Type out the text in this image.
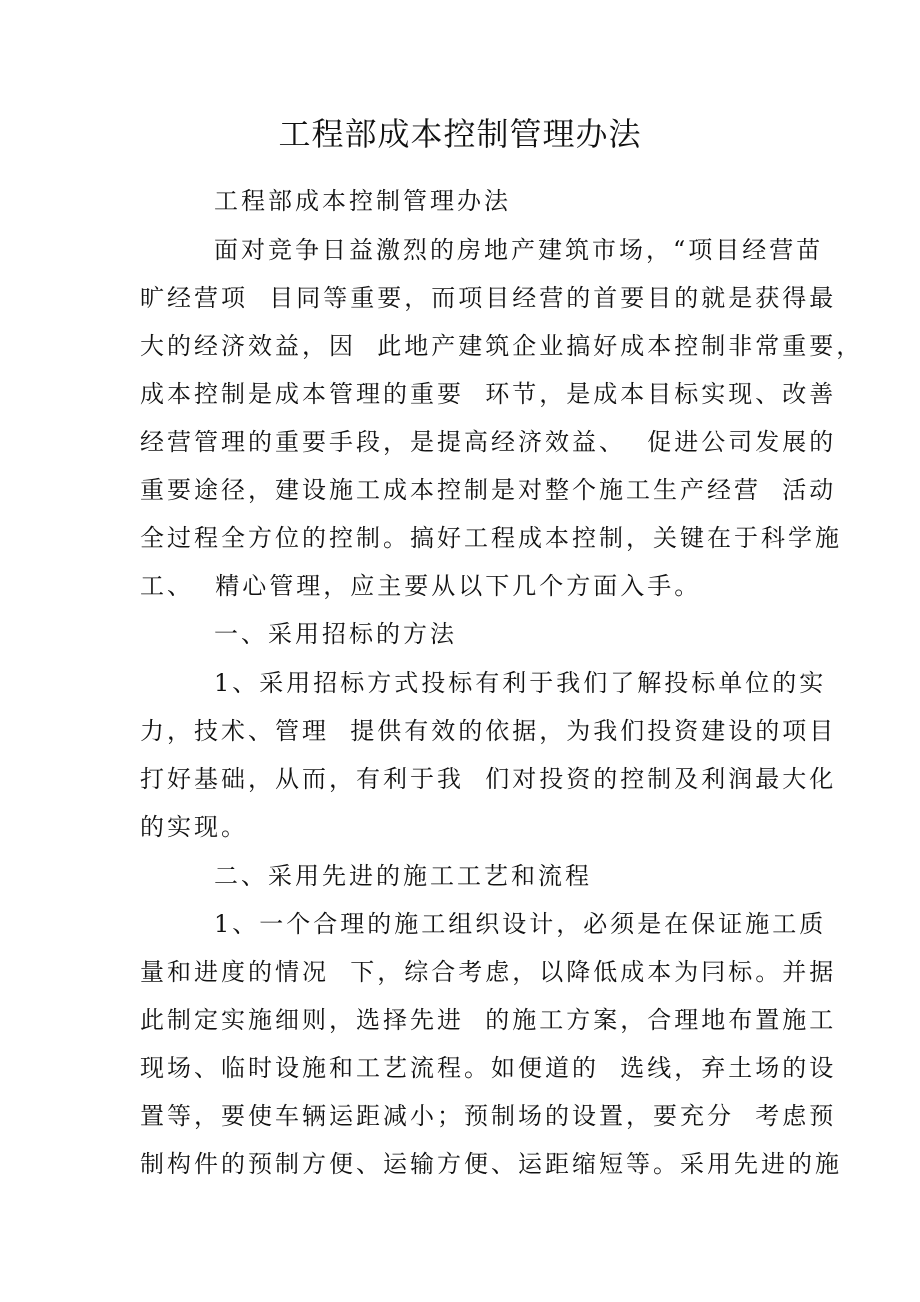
工程部成本控制管理办法

工程部成本控制管理办法

面对竞争日益激烈的房地产建筑市场，“项目经营苗

旷经营项  目同等重要，而项目经营的首要目的就是获得最

大的经济效益，因  此地产建筑企业搞好成本控制非常重要，

成本控制是成本管理的重要  环节，是成本目标实现、改善

经营管理的重要手段，是提高经济效益、  促进公司发展的

重要途径，建设施工成本控制是对整个施工生产经营  活动

全过程全方位的控制。搞好工程成本控制，关键在于科学施

工、  精心管理，应主要从以下几个方面入手。

一、采用招标的方法

1、采用招标方式投标有利于我们了解投标单位的实

力，技术、管理  提供有效的依据，为我们投资建设的项目

打好基础，从而，有利于我  们对投资的控制及利润最大化

的实现。

二、采用先进的施工工艺和流程

1、一个合理的施工组织设计，必须是在保证施工质

量和进度的情况  下，综合考虑，以降低成本为冃标。并据

此制定实施细则，选择先进  的施工方案，合理地布置施工

现场、临时设施和工艺流程。如便道的  选线，弃土场的设

置等，要使车辆运距减小；预制场的设置，要充分  考虑预

制构件的预制方便、运输方便、运距缩短等。采用先进的施
